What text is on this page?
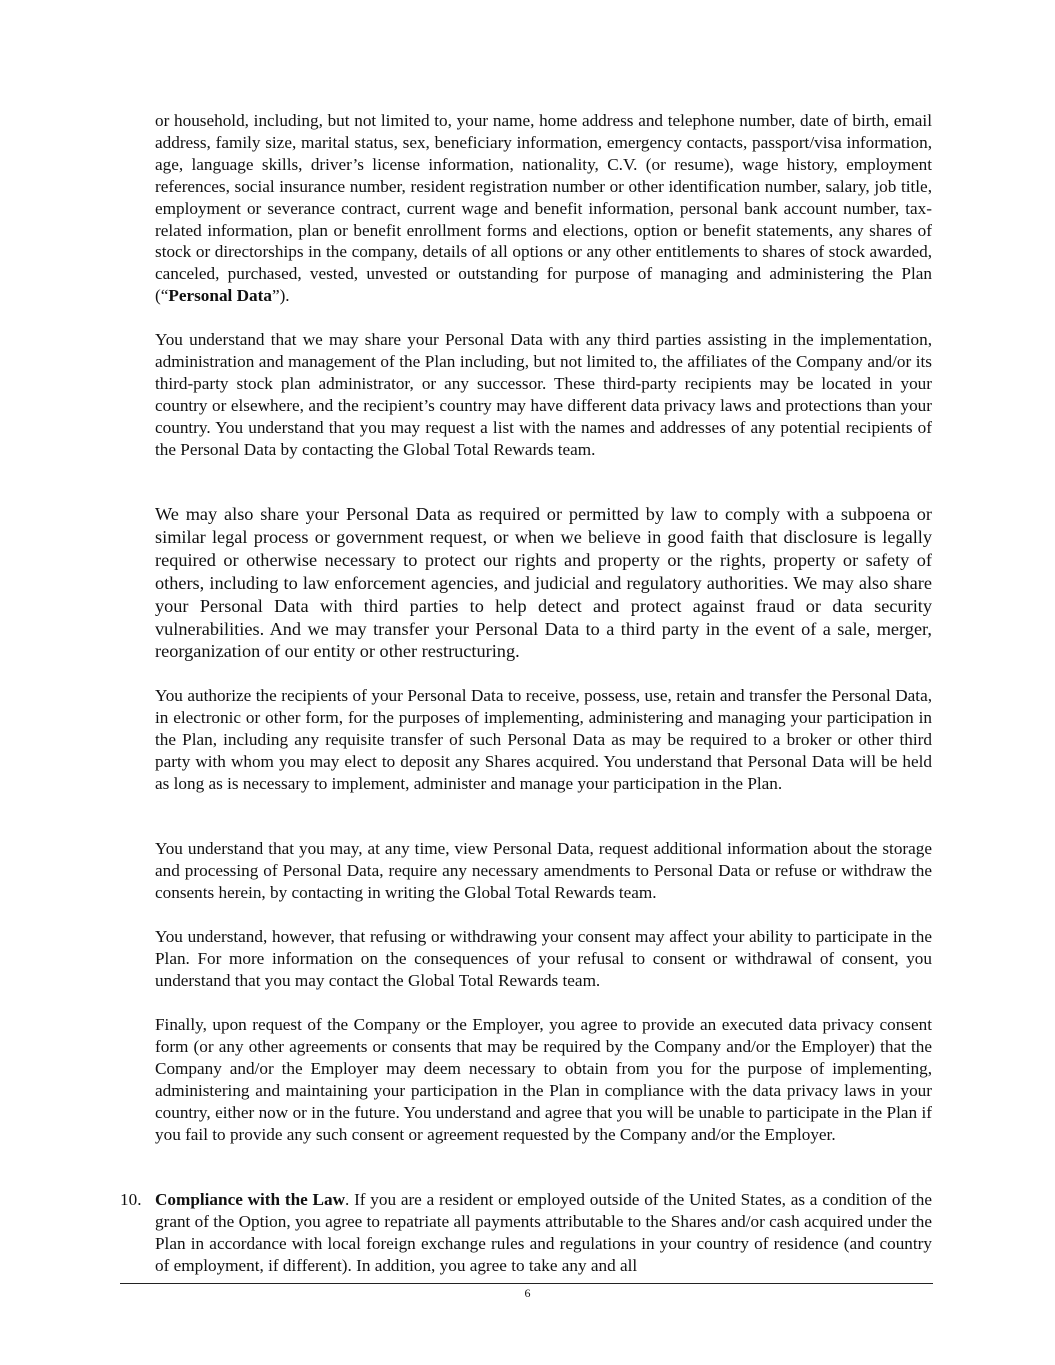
or household, including, but not limited to, your name, home address and telephone number, date of birth, email address, family size, marital status, sex, beneficiary information, emergency contacts, passport/visa information, age, language skills, driver’s license information, nationality, C.V. (or resume), wage history, employment references, social insurance number, resident registration number or other identification number, salary, job title, employment or severance contract, current wage and benefit information, personal bank account number, tax-related information, plan or benefit enrollment forms and elections, option or benefit statements, any shares of stock or directorships in the company, details of all options or any other entitlements to shares of stock awarded, canceled, purchased, vested, unvested or outstanding for purpose of managing and administering the Plan (“Personal Data”).

You understand that we may share your Personal Data with any third parties assisting in the implementation, administration and management of the Plan including, but not limited to, the affiliates of the Company and/or its third-party stock plan administrator, or any successor. These third-party recipients may be located in your country or elsewhere, and the recipient’s country may have different data privacy laws and protections than your country. You understand that you may request a list with the names and addresses of any potential recipients of the Personal Data by contacting the Global Total Rewards team.

We may also share your Personal Data as required or permitted by law to comply with a subpoena or similar legal process or government request, or when we believe in good faith that disclosure is legally required or otherwise necessary to protect our rights and property or the rights, property or safety of others, including to law enforcement agencies, and judicial and regulatory authorities. We may also share your Personal Data with third parties to help detect and protect against fraud or data security vulnerabilities. And we may transfer your Personal Data to a third party in the event of a sale, merger, reorganization of our entity or other restructuring.

You authorize the recipients of your Personal Data to receive, possess, use, retain and transfer the Personal Data, in electronic or other form, for the purposes of implementing, administering and managing your participation in the Plan, including any requisite transfer of such Personal Data as may be required to a broker or other third party with whom you may elect to deposit any Shares acquired. You understand that Personal Data will be held as long as is necessary to implement, administer and manage your participation in the Plan.

You understand that you may, at any time, view Personal Data, request additional information about the storage and processing of Personal Data, require any necessary amendments to Personal Data or refuse or withdraw the consents herein, by contacting in writing the Global Total Rewards team.

You understand, however, that refusing or withdrawing your consent may affect your ability to participate in the Plan. For more information on the consequences of your refusal to consent or withdrawal of consent, you understand that you may contact the Global Total Rewards team.

Finally, upon request of the Company or the Employer, you agree to provide an executed data privacy consent form (or any other agreements or consents that may be required by the Company and/or the Employer) that the Company and/or the Employer may deem necessary to obtain from you for the purpose of implementing, administering and maintaining your participation in the Plan in compliance with the data privacy laws in your country, either now or in the future. You understand and agree that you will be unable to participate in the Plan if you fail to provide any such consent or agreement requested by the Company and/or the Employer.

10. Compliance with the Law. If you are a resident or employed outside of the United States, as a condition of the grant of the Option, you agree to repatriate all payments attributable to the Shares and/or cash acquired under the Plan in accordance with local foreign exchange rules and regulations in your country of residence (and country of employment, if different). In addition, you agree to take any and all
6
